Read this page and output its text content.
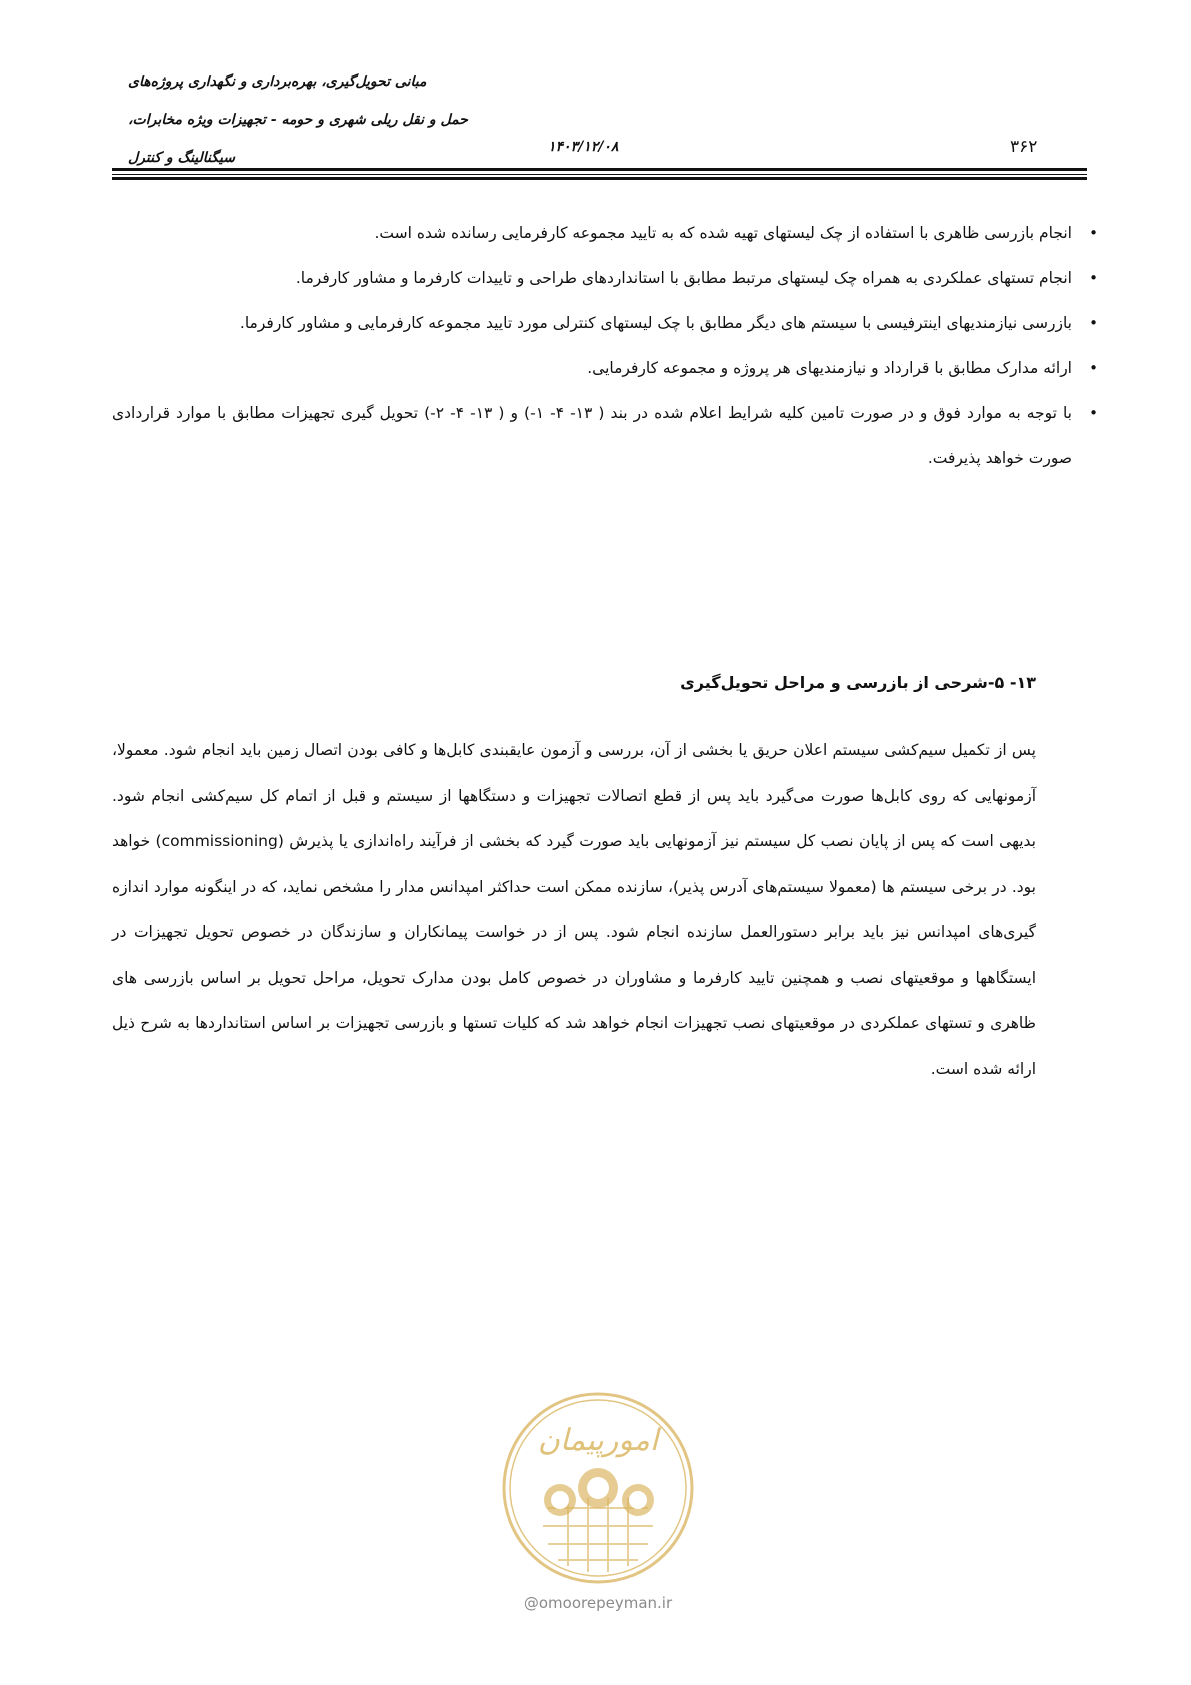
مبانی تحویل‌گیری، بهره‌برداری و نگهداری پروژه‌های
حمل و نقل ریلی شهری و حومه - تجهیزات ویژه مخابرات،
سیگنالینگ و کنترل
۱۴۰۳/۱۲/۰۸	۳۶۲
•
انجام بازرسی ظاهری با استفاده از چک لیستهای تهیه شده که به تایید مجموعه کارفرمایی رسانده شده است.
•
انجام تستهای عملکردی به همراه چک لیستهای مرتبط مطابق با استانداردهای طراحی و تاییدات کارفرما و مشاور کارفرما.
•
بازرسی نیازمندیهای اینترفیسی با سیستم های دیگر مطابق با چک لیستهای کنترلی مورد تایید مجموعه کارفرمایی و مشاور کارفرما.
•
ارائه مدارک مطابق با قرارداد و نیازمندیهای هر پروژه و مجموعه کارفرمایی.
•
با توجه به موارد فوق و در صورت تامین کلیه شرایط اعلام شده در بند ( ۱۳- ۴- ۱-) و ( ۱۳- ۴- ۲-) تحویل گیری تجهیزات مطابق با موارد قراردادی صورت خواهد پذیرفت.
۱۳- ۵-شرحی از بازرسی و مراحل تحویل‌گیری

پس از تکمیل سیم‌کشی سیستم اعلان حریق یا بخشی از آن، بررسی و آزمون عایقبندی کابل‌ها و کافی بودن اتصال زمین باید انجام شود. معمولا، آزمونهایی که روی کابل‌ها صورت می‌گیرد باید پس از قطع اتصالات تجهیزات و دستگاهها از سیستم و قبل از اتمام کل سیم‌کشی انجام شود. بدیهی است که پس از پایان نصب کل سیستم نیز آزمونهایی باید صورت گیرد که بخشی از فرآیند راه‌اندازی یا پذیرش (commissioning) خواهد بود. در برخی سیستم ها (معمولا سیستم‌های آدرس پذیر)، سازنده ممکن است حداکثر امپدانس مدار را مشخص نماید، که در اینگونه موارد اندازه گیری‌های امپدانس نیز باید برابر دستورالعمل سازنده انجام شود. پس از در خواست پیمانکاران و سازندگان در خصوص تحویل تجهیزات در ایستگاهها و موقعیتهای نصب و همچنین تایید کارفرما و مشاوران در خصوص کامل بودن مدارک تحویل، مراحل تحویل بر اساس بازرسی های ظاهری و تستهای عملکردی در موقعیتهای نصب تجهیزات انجام خواهد شد که کلیات تستها و بازرسی تجهیزات بر اساس استانداردها به شرح ذیل ارائه شده است.

امورپیمان
@omoorepeyman.ir
